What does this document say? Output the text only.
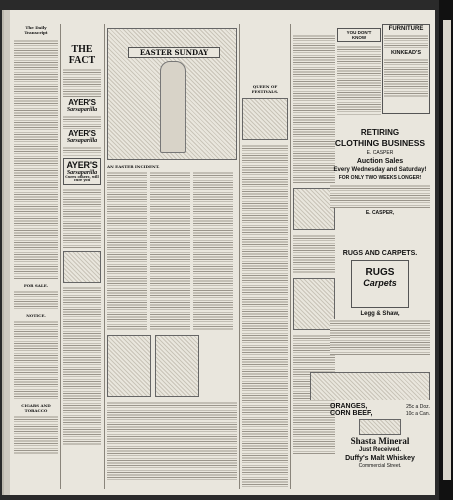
The Daily Transcript
FOR SALE.
NOTICE.
CIGARS AND TOBACCO
THE FACT
AYER'S
Sarsaparilla
AYER'S
Sarsaparilla
AYER'S
Sarsaparilla
Cures others, will cure you
EASTER SUNDAY
AN EASTER INCIDENT.
QUEEN OF FESTIVALS.
YOU DON'T KNOW
FURNITURE
KINKEAD'S
RETIRING
CLOTHING BUSINESS
E. CASPER
Auction Sales
Every Wednesday and Saturday!
FOR ONLY TWO WEEKS LONGER!
E. CASPER,
RUGS AND CARPETS.
RUGS
Carpets
Legg & Shaw,
ORANGES,	25c a Doz.
CORN BEEF,	10c a Can.
Shasta Mineral
Just Received.
Duffy's Malt Whiskey
Commercial Street.
